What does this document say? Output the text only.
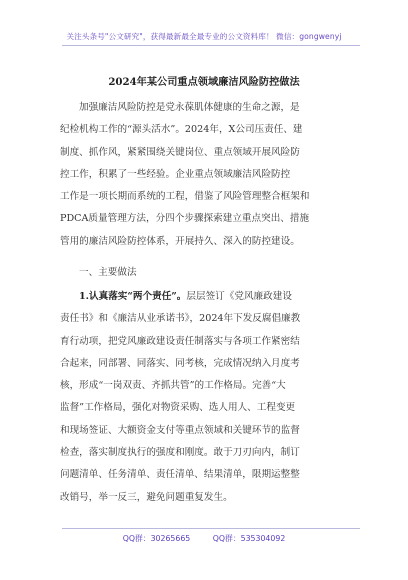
关注头条号"公文研究"，获得最新最全最专业的公文资料库！ 微信：gongwenyj
2024年某公司重点领域廉洁风险防控做法
加强廉洁风险防控是党永葆肌体健康的生命之源，是
纪检机构工作的“源头活水”。2024年，X公司压责任、建
制度、抓作风，紧紧围绕关键岗位、重点领域开展风险防
控工作，积累了一些经验。企业重点领域廉洁风险防控
工作是一项长期而系统的工程，借鉴了风险管理整合框架和
PDCA质量管理方法，分四个步骤探索建立重点突出、措施
管用的廉洁风险防控体系，开展持久、深入的防控建设。
一、主要做法
1.认真落实“两个责任”。层层签订《党风廉政建设
责任书》和《廉洁从业承诺书》，2024年下发反腐倡廉教
育行动项，把党风廉政建设责任制落实与各项工作紧密结
合起来，同部署、同落实、同考核，完成情况纳入月度考
核，形成“一岗双责、齐抓共管”的工作格局。完善“大
监督”工作格局，强化对物资采购、选人用人、工程变更
和现场签证、大额资金支付等重点领域和关键环节的监督
检查，落实制度执行的强度和刚度。敢于刀刃向内，制订
问题清单、任务清单、责任清单、结果清单，限期运整整
改销号，举一反三，避免问题重复发生。
QQ群：30265665	QQ群：535304092
